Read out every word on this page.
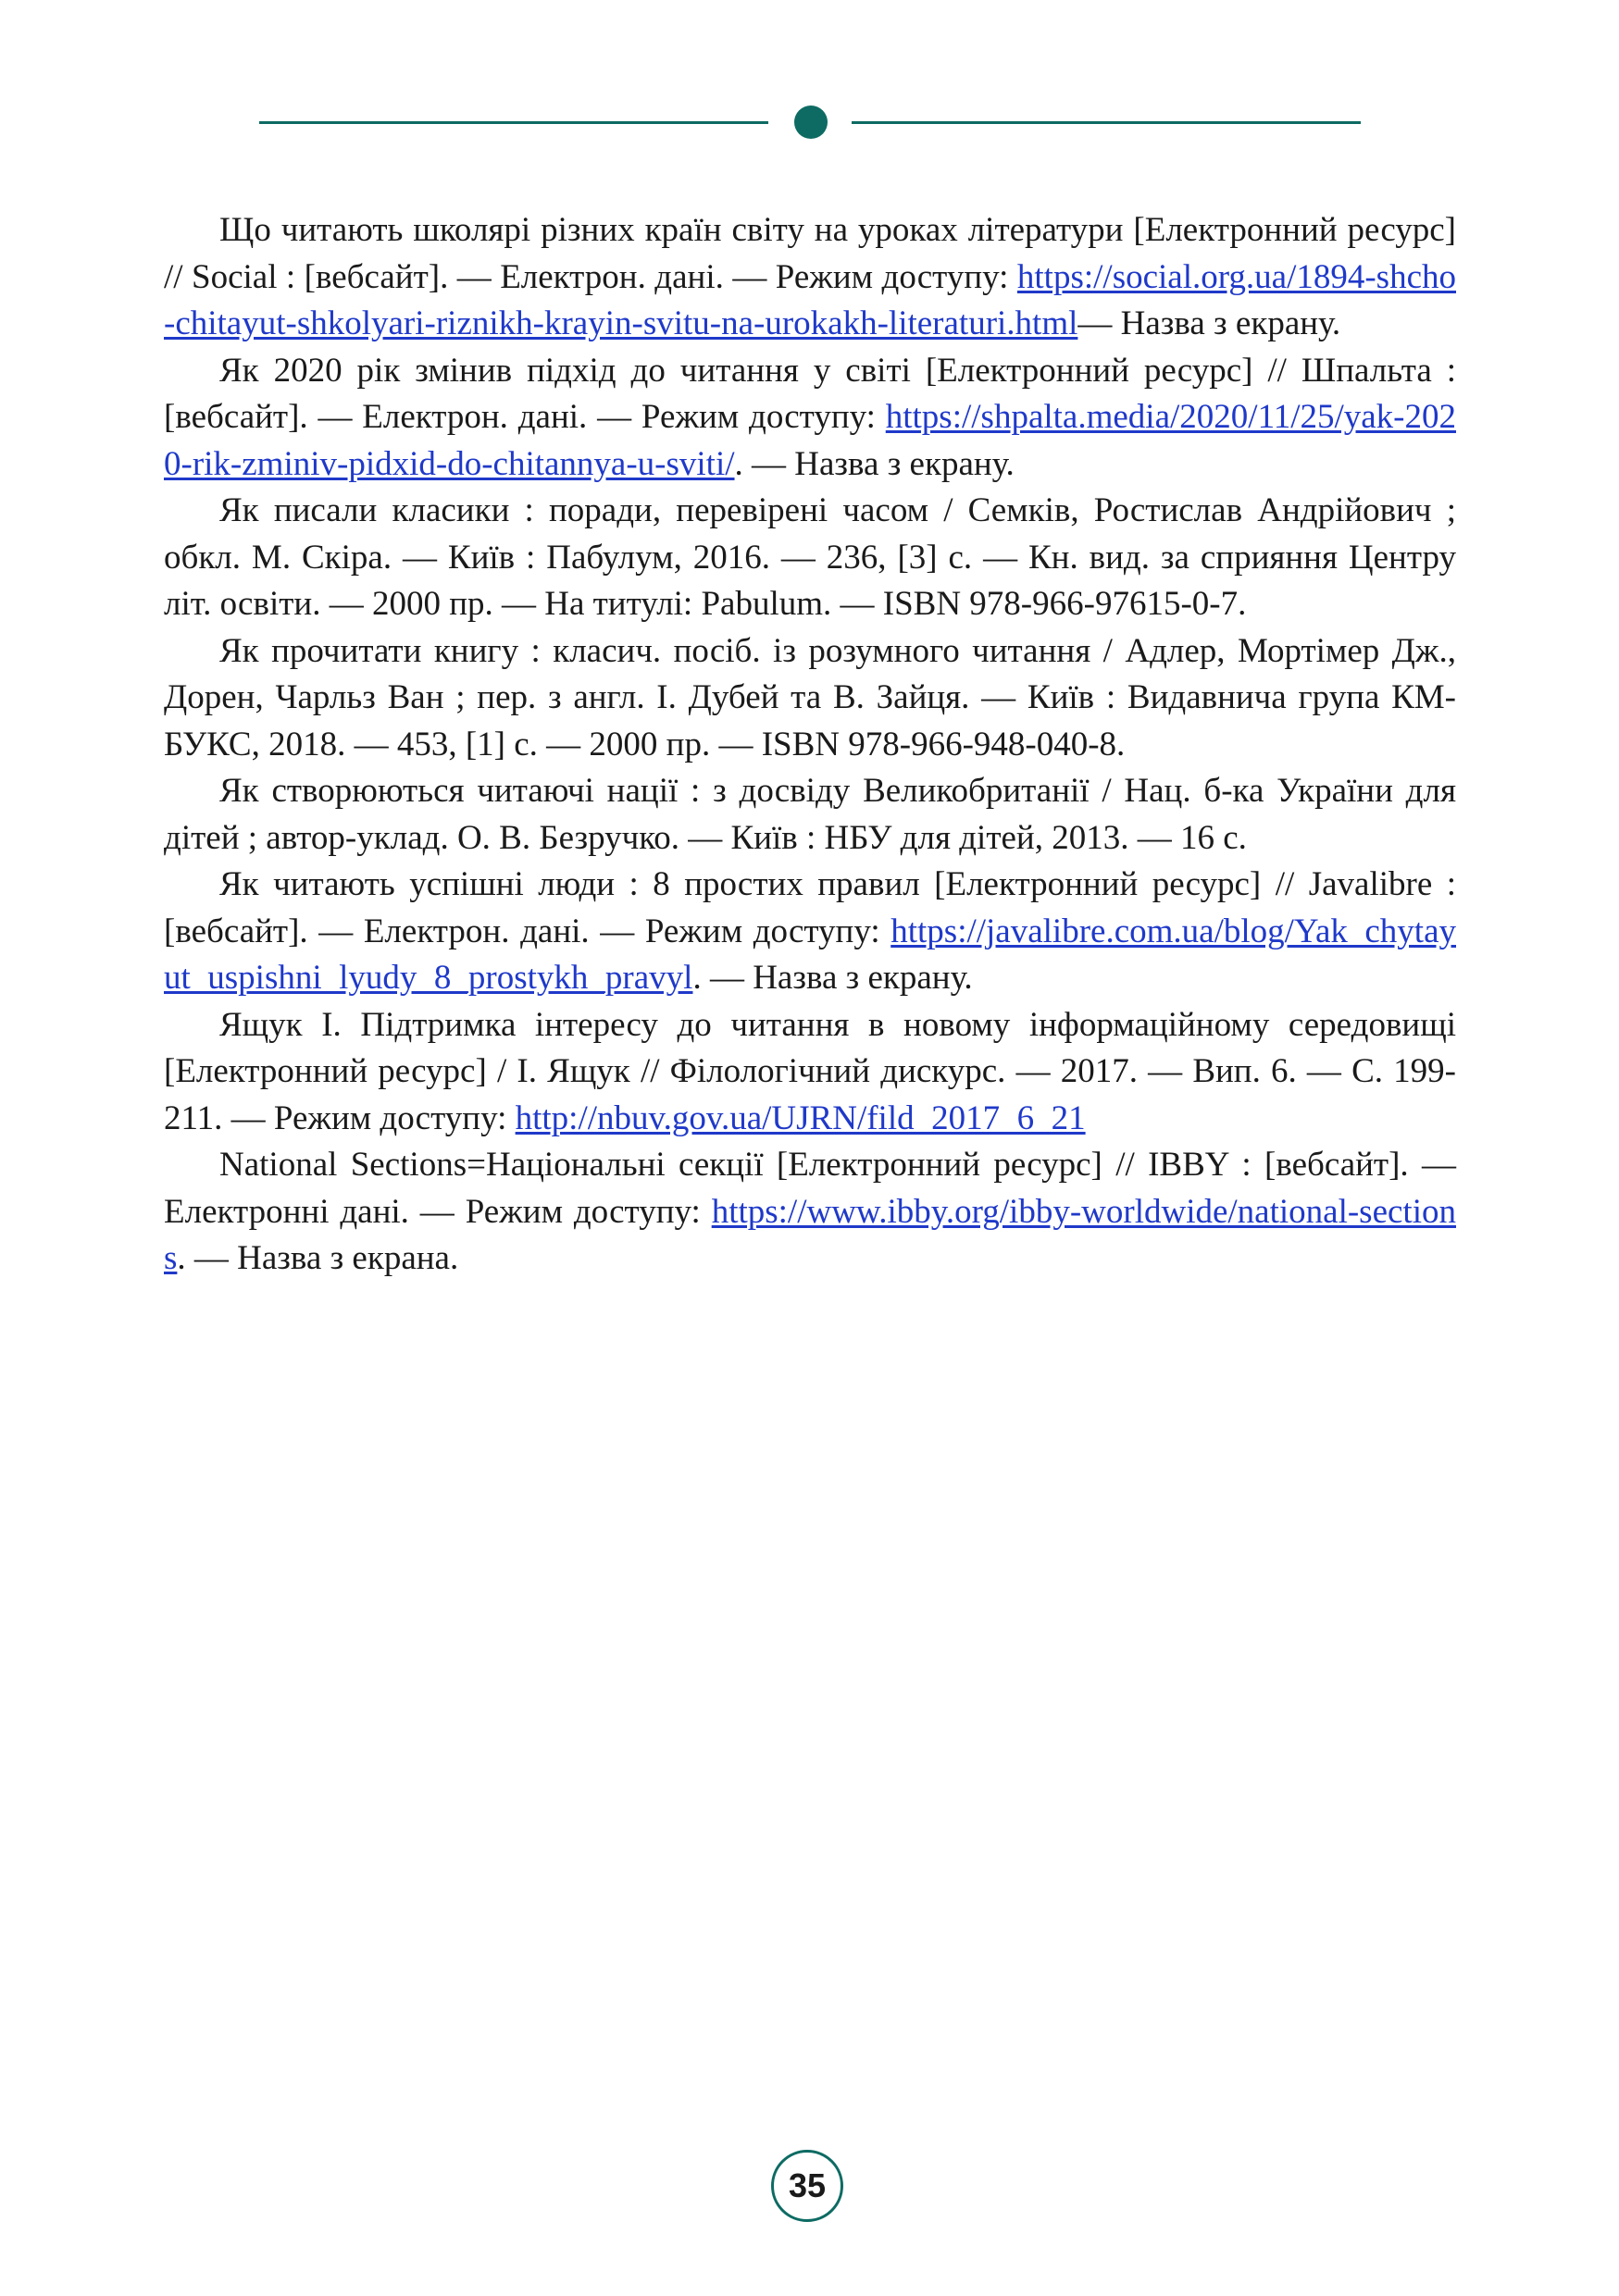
Що читають школярі різних країн світу на уроках літератури [Електронний ресурс] // Social : [вебсайт]. — Електрон. дані. — Режим доступу: https://social.org.ua/1894-shcho-chitayut-shkolyari-riznikh-krayin-svitu-na-urokakh-literaturi.html— Назва з екрану.

Як 2020 рік змінив підхід до читання у світі [Електронний ресурс] // Шпальта : [вебсайт]. — Електрон. дані. — Режим доступу: https://shpalta.media/2020/11/25/yak-2020-rik-zminiv-pidxid-do-chitannya-u-sviti/. — Назва з екрану.

Як писали класики : поради, перевірені часом / Семків, Ростислав Андрійович ; обкл. М. Скіра. — Київ : Пабулум, 2016. — 236, [3] с. — Кн. вид. за сприяння Центру літ. освіти. — 2000 пр. — На титулі: Pabulum. — ISBN 978-966-97615-0-7.

Як прочитати книгу : класич. посіб. із розумного читання / Адлер, Мортімер Дж., Дорен, Чарльз Ван ; пер. з англ. І. Дубей та В. Зайця. — Київ : Видавнича група КМ-БУКС, 2018. — 453, [1] с. — 2000 пр. — ISBN 978-966-948-040-8.

Як створюються читаючі нації : з досвіду Великобританії / Нац. б-ка України для дітей ; автор-уклад. О. В. Безручко. — Київ : НБУ для дітей, 2013. — 16 с.

Як читають успішні люди : 8 простих правил [Електронний ресурс] // Javalibre : [вебсайт]. — Електрон. дані. — Режим доступу: https://javalibre.com.ua/blog/Yak_chytayut_uspishni_lyudy_8_prostykh_pravyl. — Назва з екрану.

Ящук І. Підтримка інтересу до читання в новому інформаційному середовищі [Електронний ресурс] / І. Ящук // Філологічний дискурс. — 2017. — Вип. 6. — С. 199-211. — Режим доступу: http://nbuv.gov.ua/UJRN/fild_2017_6_21

National Sections=Національні секції [Електронний ресурс] // IBBY : [вебсайт]. — Електронні дані. — Режим доступу: https://www.ibby.org/ibby-worldwide/national-sections. — Назва з екрана.

35
